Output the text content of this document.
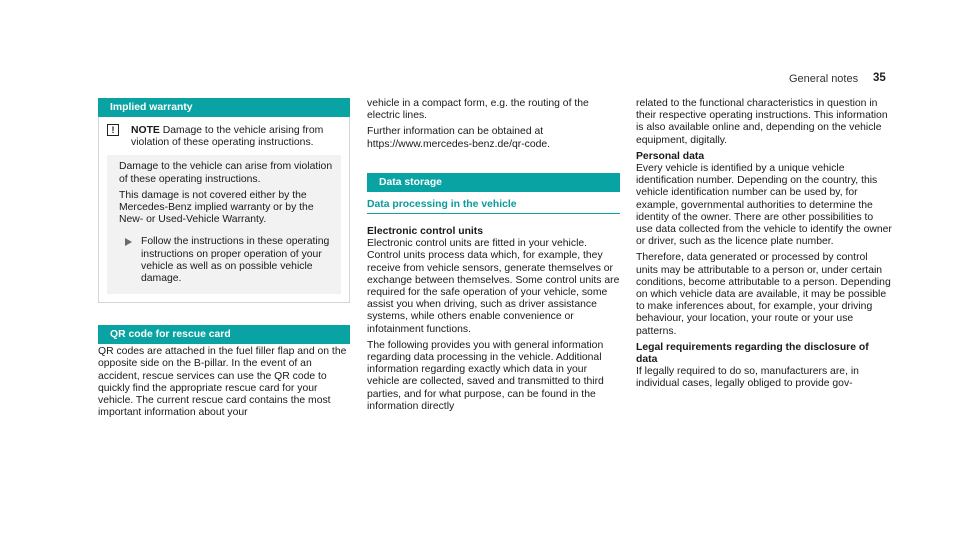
General notes 35
Implied warranty
!	NOTE Damage to the vehicle arising from violation of these operating instructions.

Damage to the vehicle can arise from violation of these operating instructions.

This damage is not covered either by the Mercedes-Benz implied warranty or by the New- or Used-Vehicle Warranty.

Follow the instructions in these operating instructions on proper operation of your vehicle as well as on possible vehicle damage.
QR code for rescue card

QR codes are attached in the fuel filler flap and on the opposite side on the B-pillar. In the event of an accident, rescue services can use the QR code to quickly find the appropriate rescue card for your vehicle. The current rescue card contains the most important information about your

vehicle in a compact form, e.g. the routing of the electric lines.

Further information can be obtained at https://www.mercedes-benz.de/qr-code.

Data storage
Data processing in the vehicle

Electronic control units

Electronic control units are fitted in your vehicle. Control units process data which, for example, they receive from vehicle sensors, generate themselves or exchange between themselves. Some control units are required for the safe operation of your vehicle, some assist you when driving, such as driver assistance systems, while others enable convenience or infotainment functions.

The following provides you with general information regarding data processing in the vehicle. Additional information regarding exactly which data in your vehicle are collected, saved and transmitted to third parties, and for what purpose, can be found in the information directly

related to the functional characteristics in question in their respective operating instructions. This information is also available online and, depending on the vehicle equipment, digitally.

Personal data

Every vehicle is identified by a unique vehicle identification number. Depending on the country, this vehicle identification number can be used by, for example, governmental authorities to determine the identity of the owner. There are other possibilities to use data collected from the vehicle to identify the owner or driver, such as the licence plate number.

Therefore, data generated or processed by control units may be attributable to a person or, under certain conditions, become attributable to a person. Depending on which vehicle data are available, it may be possible to make inferences about, for example, your driving behaviour, your location, your route or your use patterns.

Legal requirements regarding the disclosure of data

If legally required to do so, manufacturers are, in individual cases, legally obliged to provide gov-
